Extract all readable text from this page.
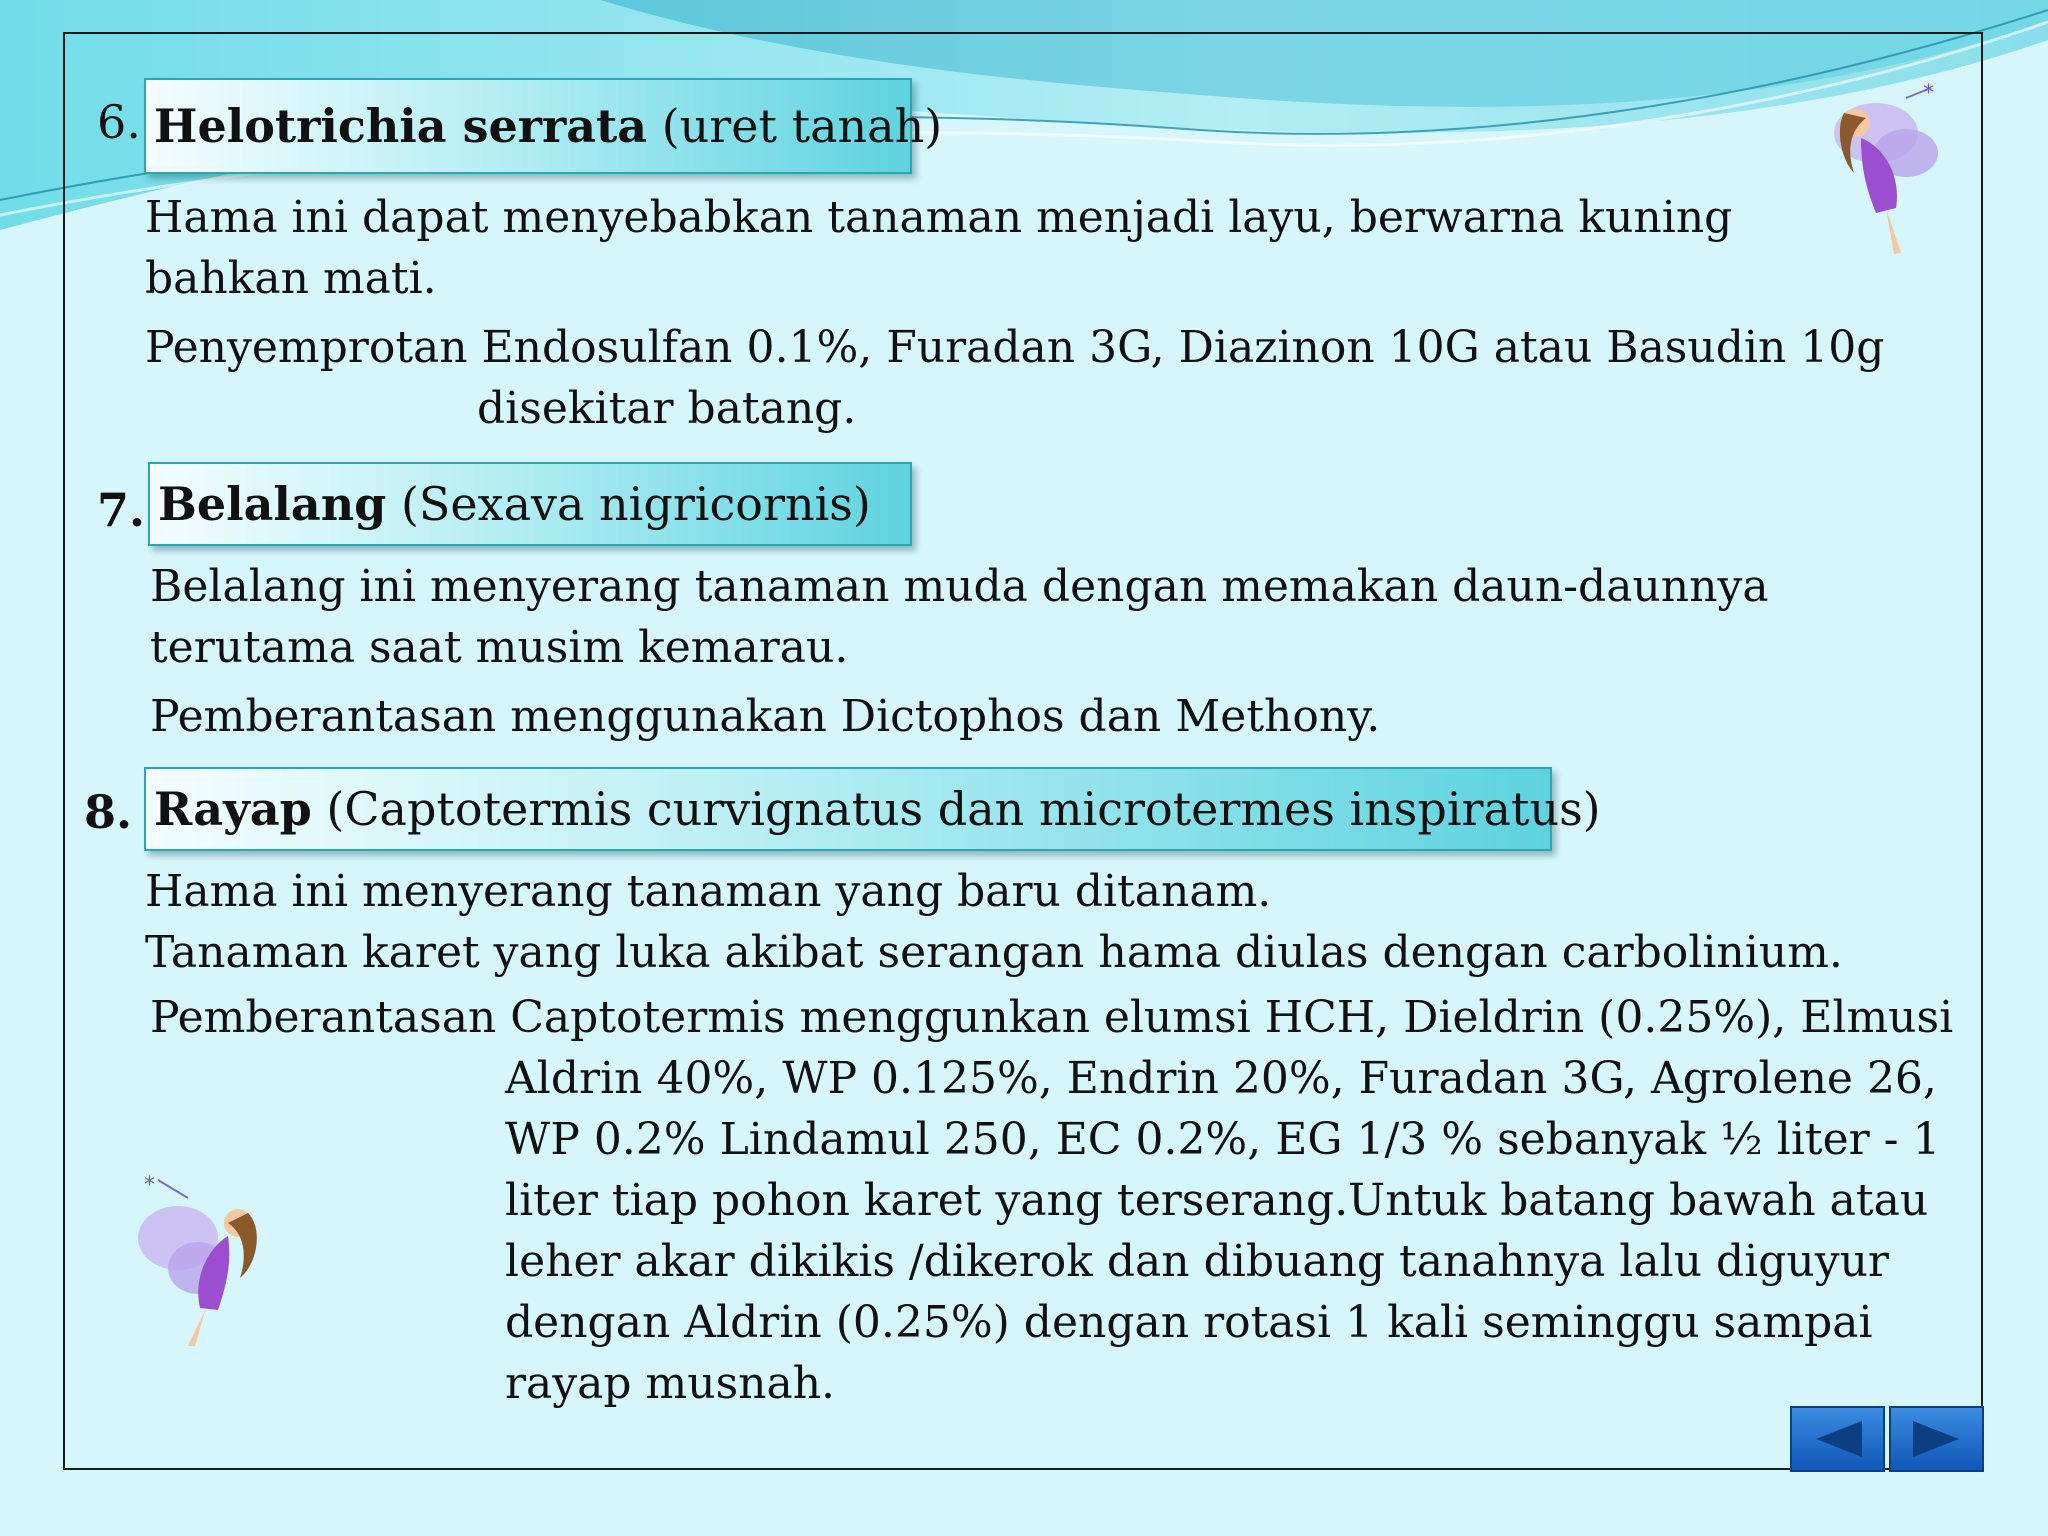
6. Helotrichia serrata (uret tanah)
Hama ini dapat menyebabkan tanaman menjadi layu, berwarna kuning
bahkan mati.
Penyemprotan Endosulfan 0.1%, Furadan 3G, Diazinon 10G atau Basudin 10g
disekitar batang.
7. Belalang (Sexava nigricornis)
Belalang ini menyerang tanaman muda dengan memakan daun-daunnya
terutama saat musim kemarau.
Pemberantasan menggunakan Dictophos dan Methony.
8. Rayap (Captotermis curvignatus dan microtermes inspiratus)
Hama ini menyerang tanaman yang baru ditanam.
Tanaman karet yang luka akibat serangan hama diulas dengan carbolinium.
Pemberantasan Captotermis menggunkan elumsi HCH, Dieldrin (0.25%), Elmusi
Aldrin 40%, WP 0.125%, Endrin 20%, Furadan 3G, Agrolene 26,
WP 0.2% Lindamul 250, EC 0.2%, EG 1/3 % sebanyak ½ liter - 1
liter tiap pohon karet yang terserang.Untuk batang bawah atau
leher akar dikikis /dikerok dan dibuang tanahnya lalu diguyur
dengan Aldrin (0.25%) dengan rotasi 1 kali seminggu sampai
rayap musnah.
*
*
